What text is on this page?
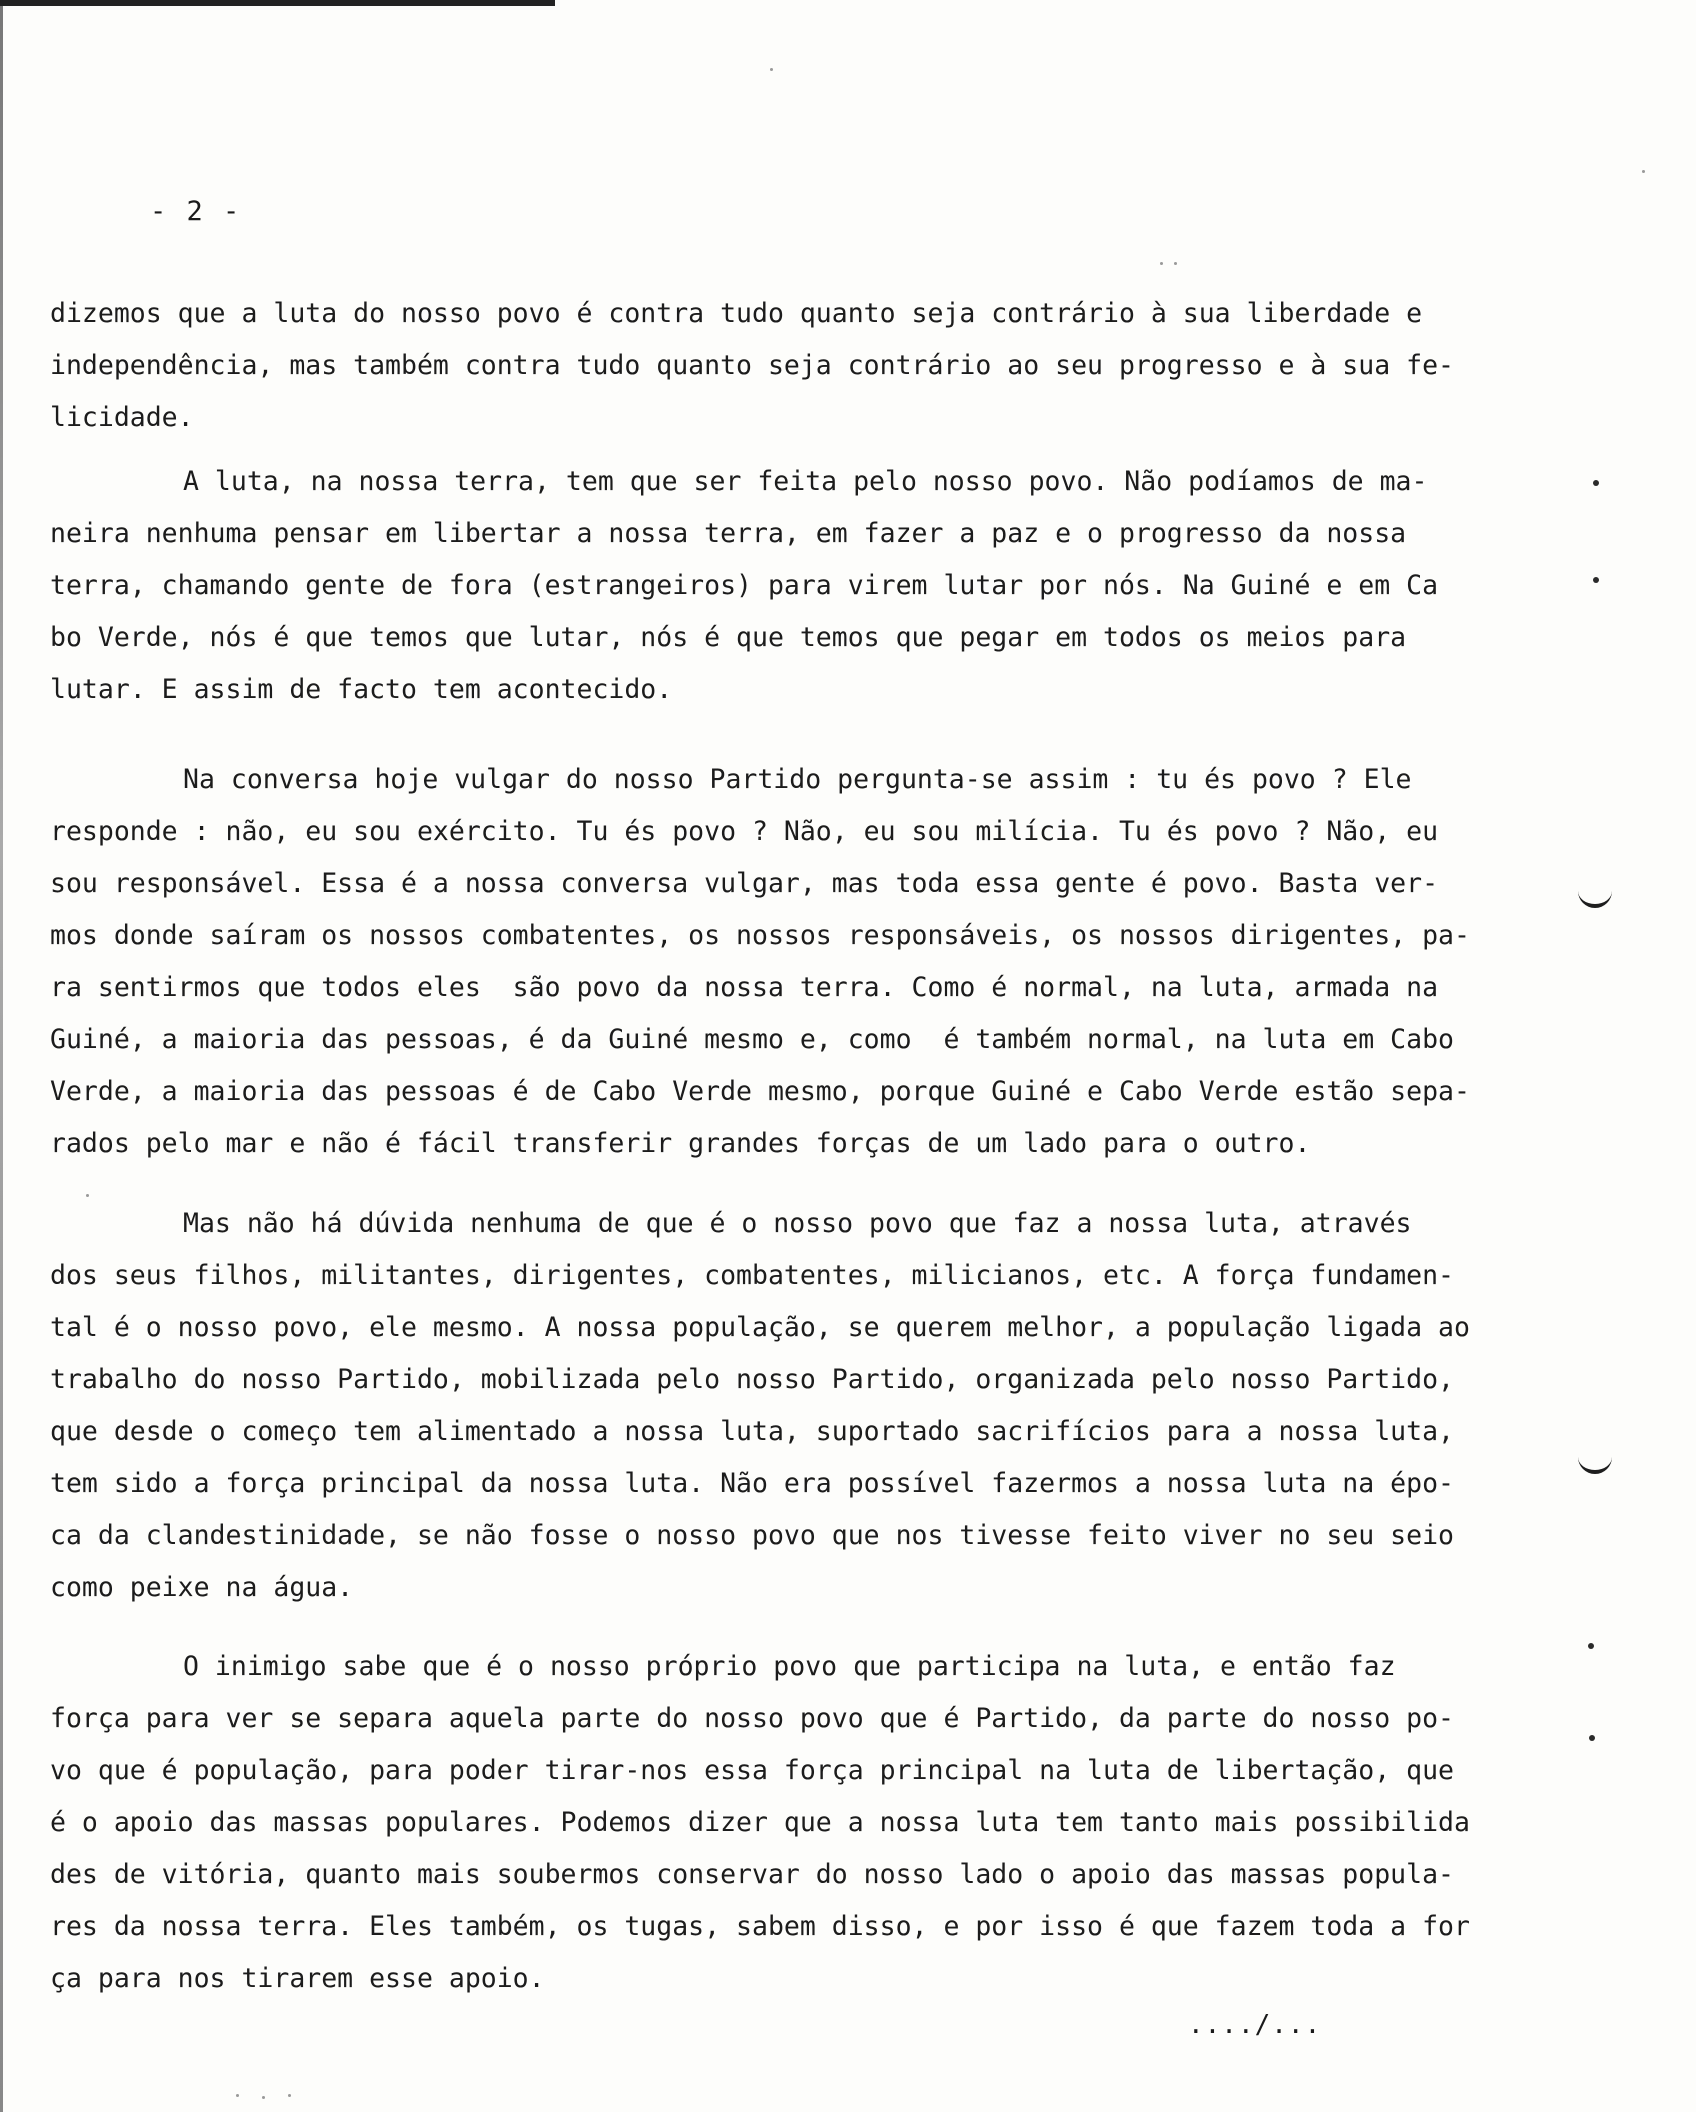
- 2 -
dizemos que a luta do nosso povo é contra tudo quanto seja contrário à sua liberdade e
independência, mas também contra tudo quanto seja contrário ao seu progresso e à sua fe-
licidade.
A luta, na nossa terra, tem que ser feita pelo nosso povo. Não podíamos de ma-
neira nenhuma pensar em libertar a nossa terra, em fazer a paz e o progresso da nossa
terra, chamando gente de fora (estrangeiros) para virem lutar por nós. Na Guiné e em Ca
bo Verde, nós é que temos que lutar, nós é que temos que pegar em todos os meios para
lutar. E assim de facto tem acontecido.
Na conversa hoje vulgar do nosso Partido pergunta-se assim : tu és povo ? Ele
responde : não, eu sou exército. Tu és povo ? Não, eu sou milícia. Tu és povo ? Não, eu
sou responsável. Essa é a nossa conversa vulgar, mas toda essa gente é povo. Basta ver-
mos donde saíram os nossos combatentes, os nossos responsáveis, os nossos dirigentes, pa-
ra sentirmos que todos eles  são povo da nossa terra. Como é normal, na luta, armada na
Guiné, a maioria das pessoas, é da Guiné mesmo e, como  é também normal, na luta em Cabo
Verde, a maioria das pessoas é de Cabo Verde mesmo, porque Guiné e Cabo Verde estão sepa-
rados pelo mar e não é fácil transferir grandes forças de um lado para o outro.
Mas não há dúvida nenhuma de que é o nosso povo que faz a nossa luta, através
dos seus filhos, militantes, dirigentes, combatentes, milicianos, etc. A força fundamen-
tal é o nosso povo, ele mesmo. A nossa população, se querem melhor, a população ligada ao
trabalho do nosso Partido, mobilizada pelo nosso Partido, organizada pelo nosso Partido,
que desde o começo tem alimentado a nossa luta, suportado sacrifícios para a nossa luta,
tem sido a força principal da nossa luta. Não era possível fazermos a nossa luta na épo-
ca da clandestinidade, se não fosse o nosso povo que nos tivesse feito viver no seu seio
como peixe na água.
O inimigo sabe que é o nosso próprio povo que participa na luta, e então faz
força para ver se separa aquela parte do nosso povo que é Partido, da parte do nosso po-
vo que é população, para poder tirar-nos essa força principal na luta de libertação, que
é o apoio das massas populares. Podemos dizer que a nossa luta tem tanto mais possibilida
des de vitória, quanto mais soubermos conservar do nosso lado o apoio das massas popula-
res da nossa terra. Eles também, os tugas, sabem disso, e por isso é que fazem toda a for
ça para nos tirarem esse apoio.
..../...
